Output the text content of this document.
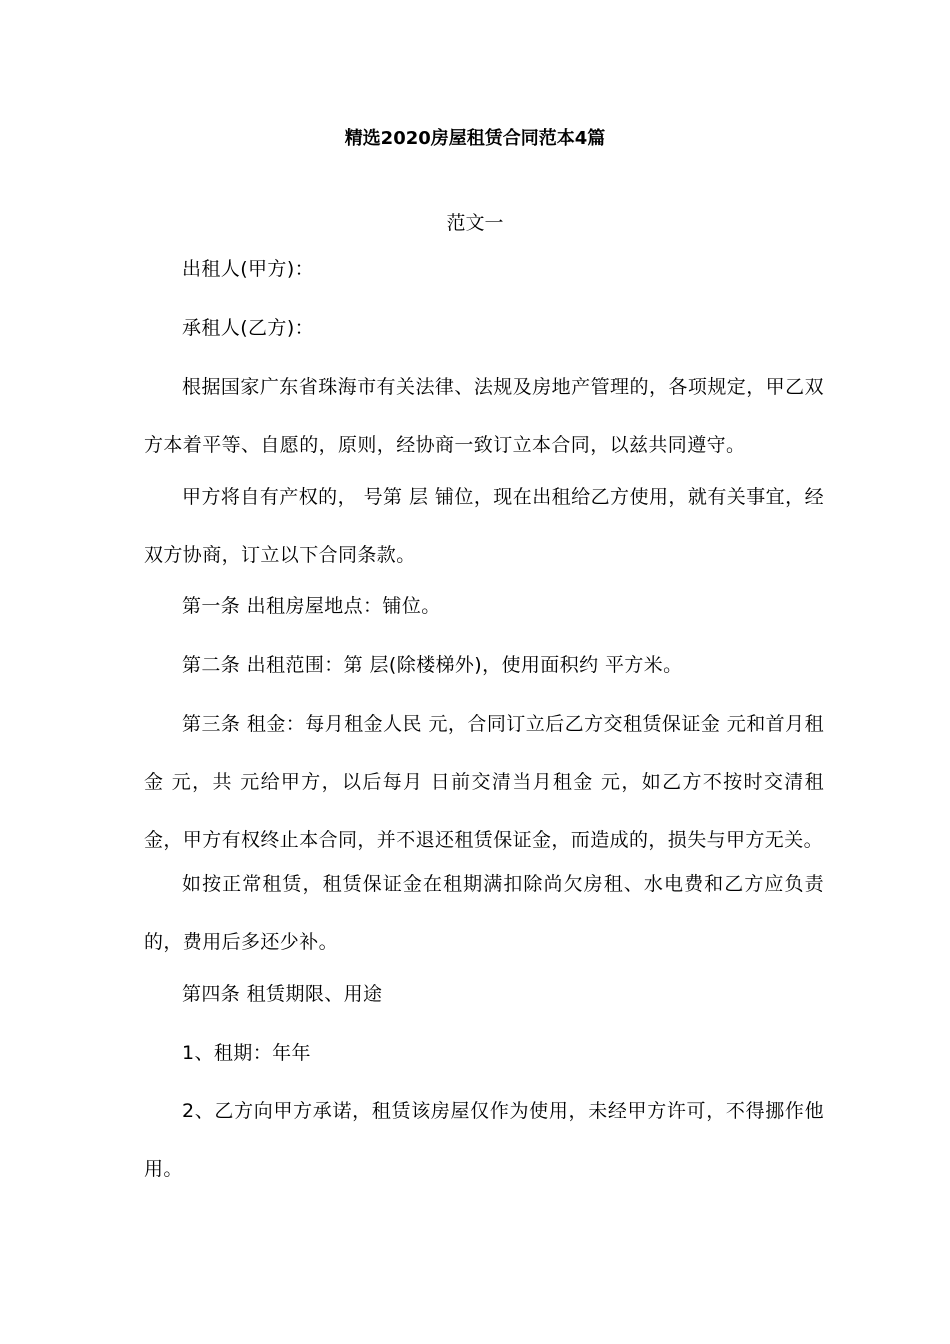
精选2020房屋租赁合同范本4篇
范文一

出租人(甲方)：

承租人(乙方)：

根据国家广东省珠海市有关法律、法规及房地产管理的，各项规定，甲乙双方本着平等、自愿的，原则，经协商一致订立本合同，以兹共同遵守。

甲方将自有产权的， 号第 层 铺位，现在出租给乙方使用，就有关事宜，经双方协商，订立以下合同条款。

第一条 出租房屋地点：铺位。

第二条 出租范围：第 层(除楼梯外)，使用面积约 平方米。

第三条 租金：每月租金人民 元，合同订立后乙方交租赁保证金 元和首月租金 元，共 元给甲方，以后每月 日前交清当月租金 元，如乙方不按时交清租金，甲方有权终止本合同，并不退还租赁保证金，而造成的，损失与甲方无关。

如按正常租赁，租赁保证金在租期满扣除尚欠房租、水电费和乙方应负责的，费用后多还少补。

第四条 租赁期限、用途

1、租期：年年

2、乙方向甲方承诺，租赁该房屋仅作为使用，未经甲方许可，不得挪作他用。
